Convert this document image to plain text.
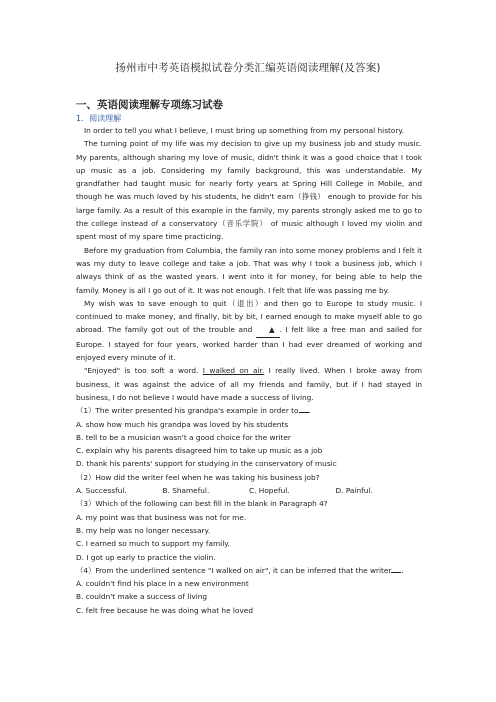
扬州市中考英语模拟试卷分类汇编英语阅读理解(及答案)
一、英语阅读理解专项练习试卷
1．阅读理解

In order to tell you what I believe, I must bring up something from my personal history.

The turning point of my life was my decision to give up my business job and study music. My parents, although sharing my love of music, didn't think it was a good choice that I took up music as a job. Considering my family background, this was understandable. My grandfather had taught music for nearly forty years at Spring Hill College in Mobile, and though he was much loved by his students, he didn't earn（挣钱） enough to provide for his large family. As a result of this example in the family, my parents strongly asked me to go to the college instead of a conservatory（音乐学院） of music although I loved my violin and spent most of my spare time practicing.

Before my graduation from Columbia, the family ran into some money problems and I felt it was my duty to leave college and take a job. That was why I took a business job, which I always think of as the wasted years. I went into it for money, for being able to help the family. Money is all I go out of it. It was not enough. I felt that life was passing me by.

My wish was to save enough to quit（退出）and then go to Europe to study music. I continued to make money, and finally, bit by bit, I earned enough to make myself able to go abroad. The family got out of the trouble and ▲ . I felt like a free man and sailed for Europe. I stayed for four years, worked harder than I had ever dreamed of working and enjoyed every minute of it.

"Enjoyed" is too soft a word. I walked on air. I really lived. When I broke away from business, it was against the advice of all my friends and family, but if I had stayed in business, I do not believe I would have made a success of living.

（1）The writer presented his grandpa's example in order to .

A. show how much his grandpa was loved by his students

B. tell to be a musician wasn't a good choice for the writer

C. explain why his parents disagreed him to take up music as a job

D. thank his parents' support for studying in the conservatory of music

（2）How did the writer feel when he was taking his business job?

A. Successful.	B. Shameful.	C. Hopeful.	D. Painful.

（3）Which of the following can best fill in the blank in Paragraph 4?

A. my point was that business was not for me.

B. my help was no longer necessary.

C. I earned so much to support my family.

D. I got up early to practice the violin.

（4）From the underlined sentence "I walked on air", it can be inferred that the writer .

A. couldn't find his place in a new environment

B. couldn't make a success of living

C. felt free because he was doing what he loved
